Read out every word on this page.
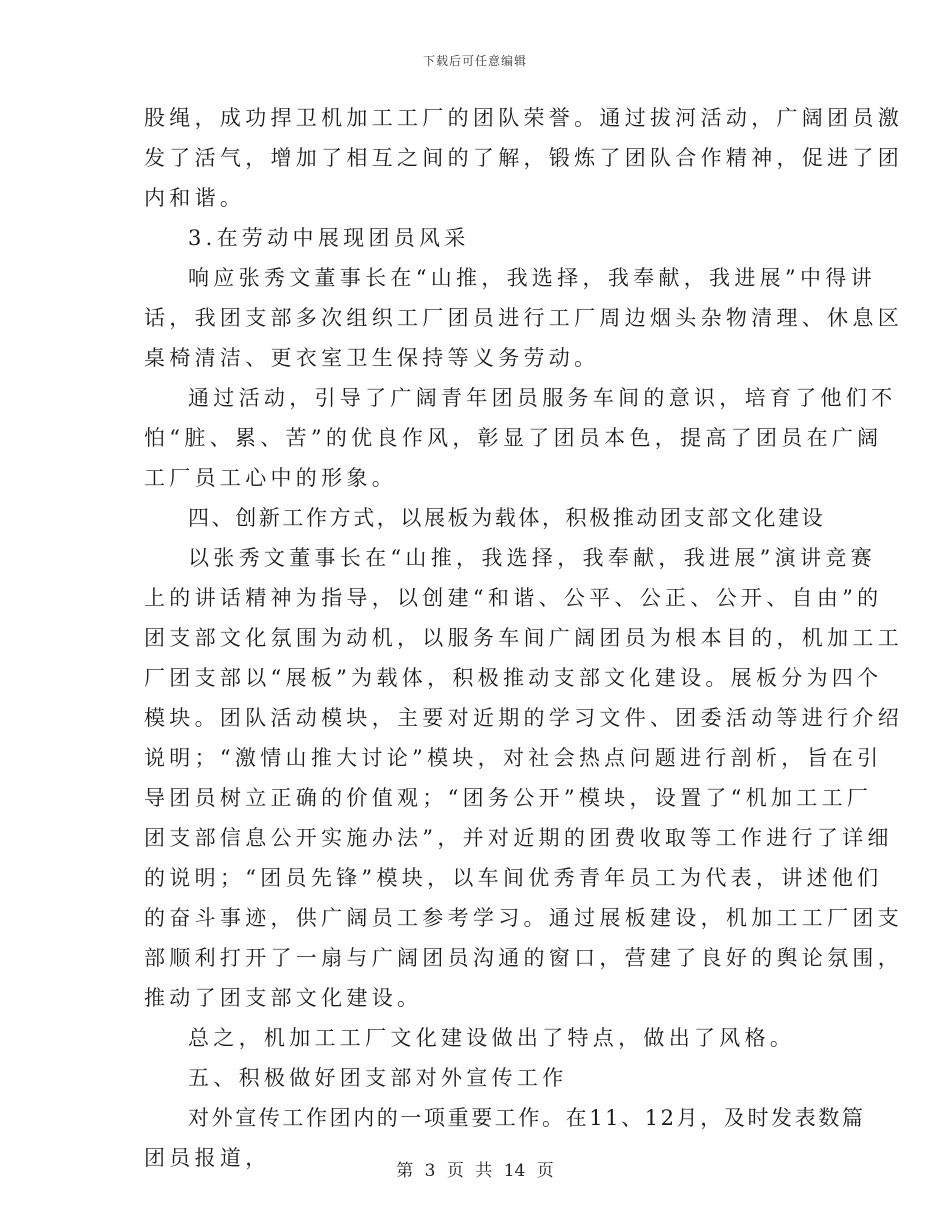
下载后可任意编辑
股绳，成功捍卫机加工工厂的团队荣誉。通过拔河活动，广阔团员激
发了活气，增加了相互之间的了解，锻炼了团队合作精神，促进了团
内和谐。
3.在劳动中展现团员风采
响应张秀文董事长在“山推，我选择，我奉献，我进展”中得讲
话，我团支部多次组织工厂团员进行工厂周边烟头杂物清理、休息区
桌椅清洁、更衣室卫生保持等义务劳动。
通过活动，引导了广阔青年团员服务车间的意识，培育了他们不
怕“脏、累、苦”的优良作风，彰显了团员本色，提高了团员在广阔
工厂员工心中的形象。
四、创新工作方式，以展板为载体，积极推动团支部文化建设
以张秀文董事长在“山推，我选择，我奉献，我进展”演讲竞赛
上的讲话精神为指导，以创建“和谐、公平、公正、公开、自由”的
团支部文化氛围为动机，以服务车间广阔团员为根本目的，机加工工
厂团支部以“展板”为载体，积极推动支部文化建设。展板分为四个
模块。团队活动模块，主要对近期的学习文件、团委活动等进行介绍
说明；“激情山推大讨论”模块，对社会热点问题进行剖析，旨在引
导团员树立正确的价值观；“团务公开”模块，设置了“机加工工厂
团支部信息公开实施办法”，并对近期的团费收取等工作进行了详细
的说明；“团员先锋”模块，以车间优秀青年员工为代表，讲述他们
的奋斗事迹，供广阔员工参考学习。通过展板建设，机加工工厂团支
部顺利打开了一扇与广阔团员沟通的窗口，营建了良好的舆论氛围，
推动了团支部文化建设。
总之，机加工工厂文化建设做出了特点，做出了风格。
五、积极做好团支部对外宣传工作
对外宣传工作团内的一项重要工作。在11、12月，及时发表数篇
团员报道，
第 3 页 共 14 页
